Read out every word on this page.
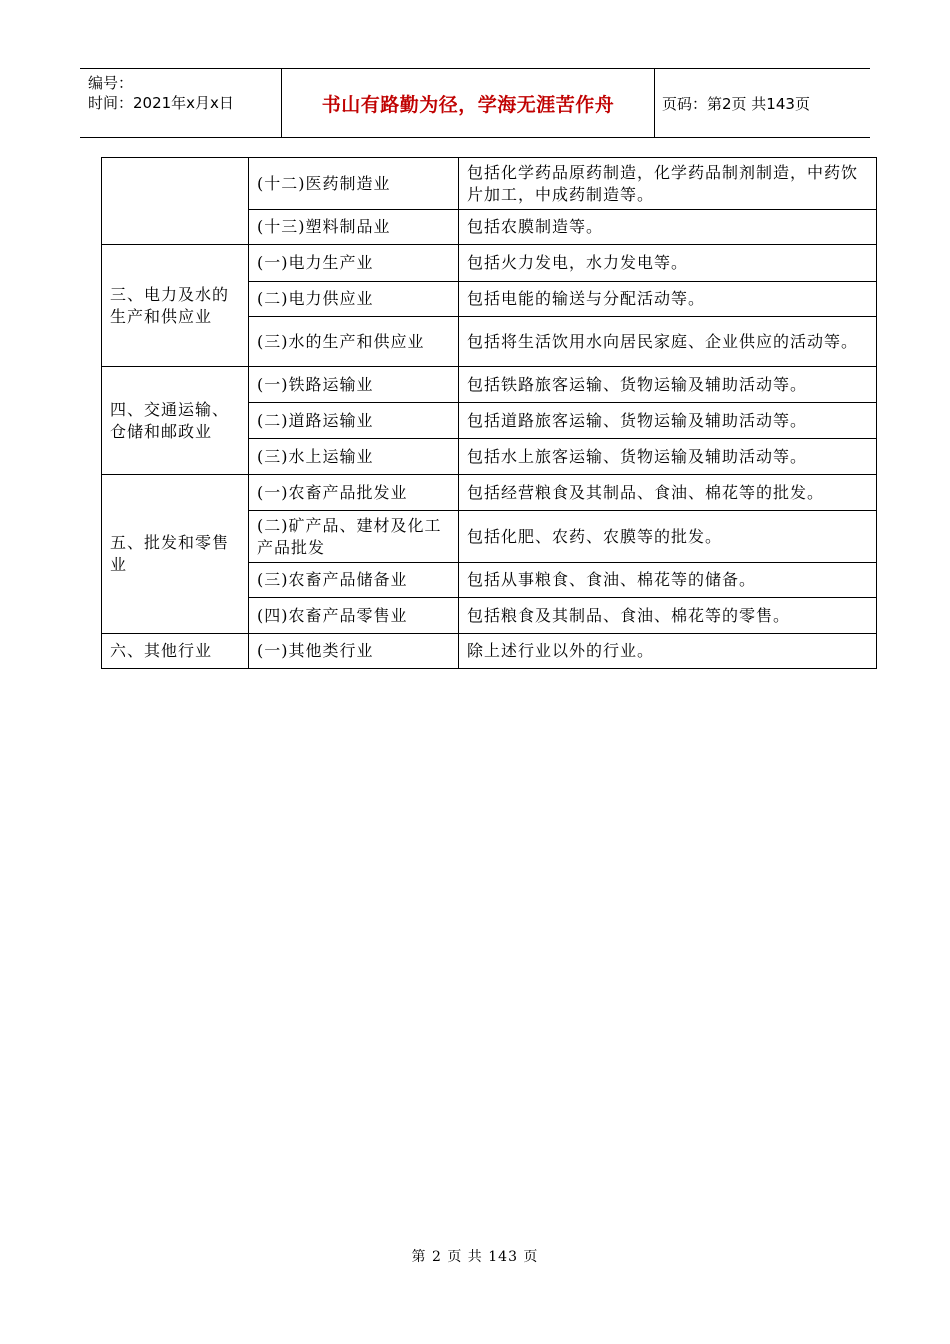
编号：
时间：2021年x月x日	书山有路勤为径，学海无涯苦作舟	页码：第2页 共143页
	(十二)医药制造业	包括化学药品原药制造，化学药品制剂制造，中药饮片加工，中成药制造等。
	(十三)塑料制品业	包括农膜制造等。
三、电力及水的生产和供应业	(一)电力生产业	包括火力发电，水力发电等。
	(二)电力供应业	包括电能的输送与分配活动等。
	(三)水的生产和供应业	包括将生活饮用水向居民家庭、企业供应的活动等。
四、交通运输、仓储和邮政业	(一)铁路运输业	包括铁路旅客运输、货物运输及辅助活动等。
	(二)道路运输业	包括道路旅客运输、货物运输及辅助活动等。
	(三)水上运输业	包括水上旅客运输、货物运输及辅助活动等。
五、批发和零售业	(一)农畜产品批发业	包括经营粮食及其制品、食油、棉花等的批发。
	(二)矿产品、建材及化工产品批发	包括化肥、农药、农膜等的批发。
	(三)农畜产品储备业	包括从事粮食、食油、棉花等的储备。
	(四)农畜产品零售业	包括粮食及其制品、食油、棉花等的零售。
六、其他行业	(一)其他类行业	除上述行业以外的行业。
第 2 页 共 143 页
